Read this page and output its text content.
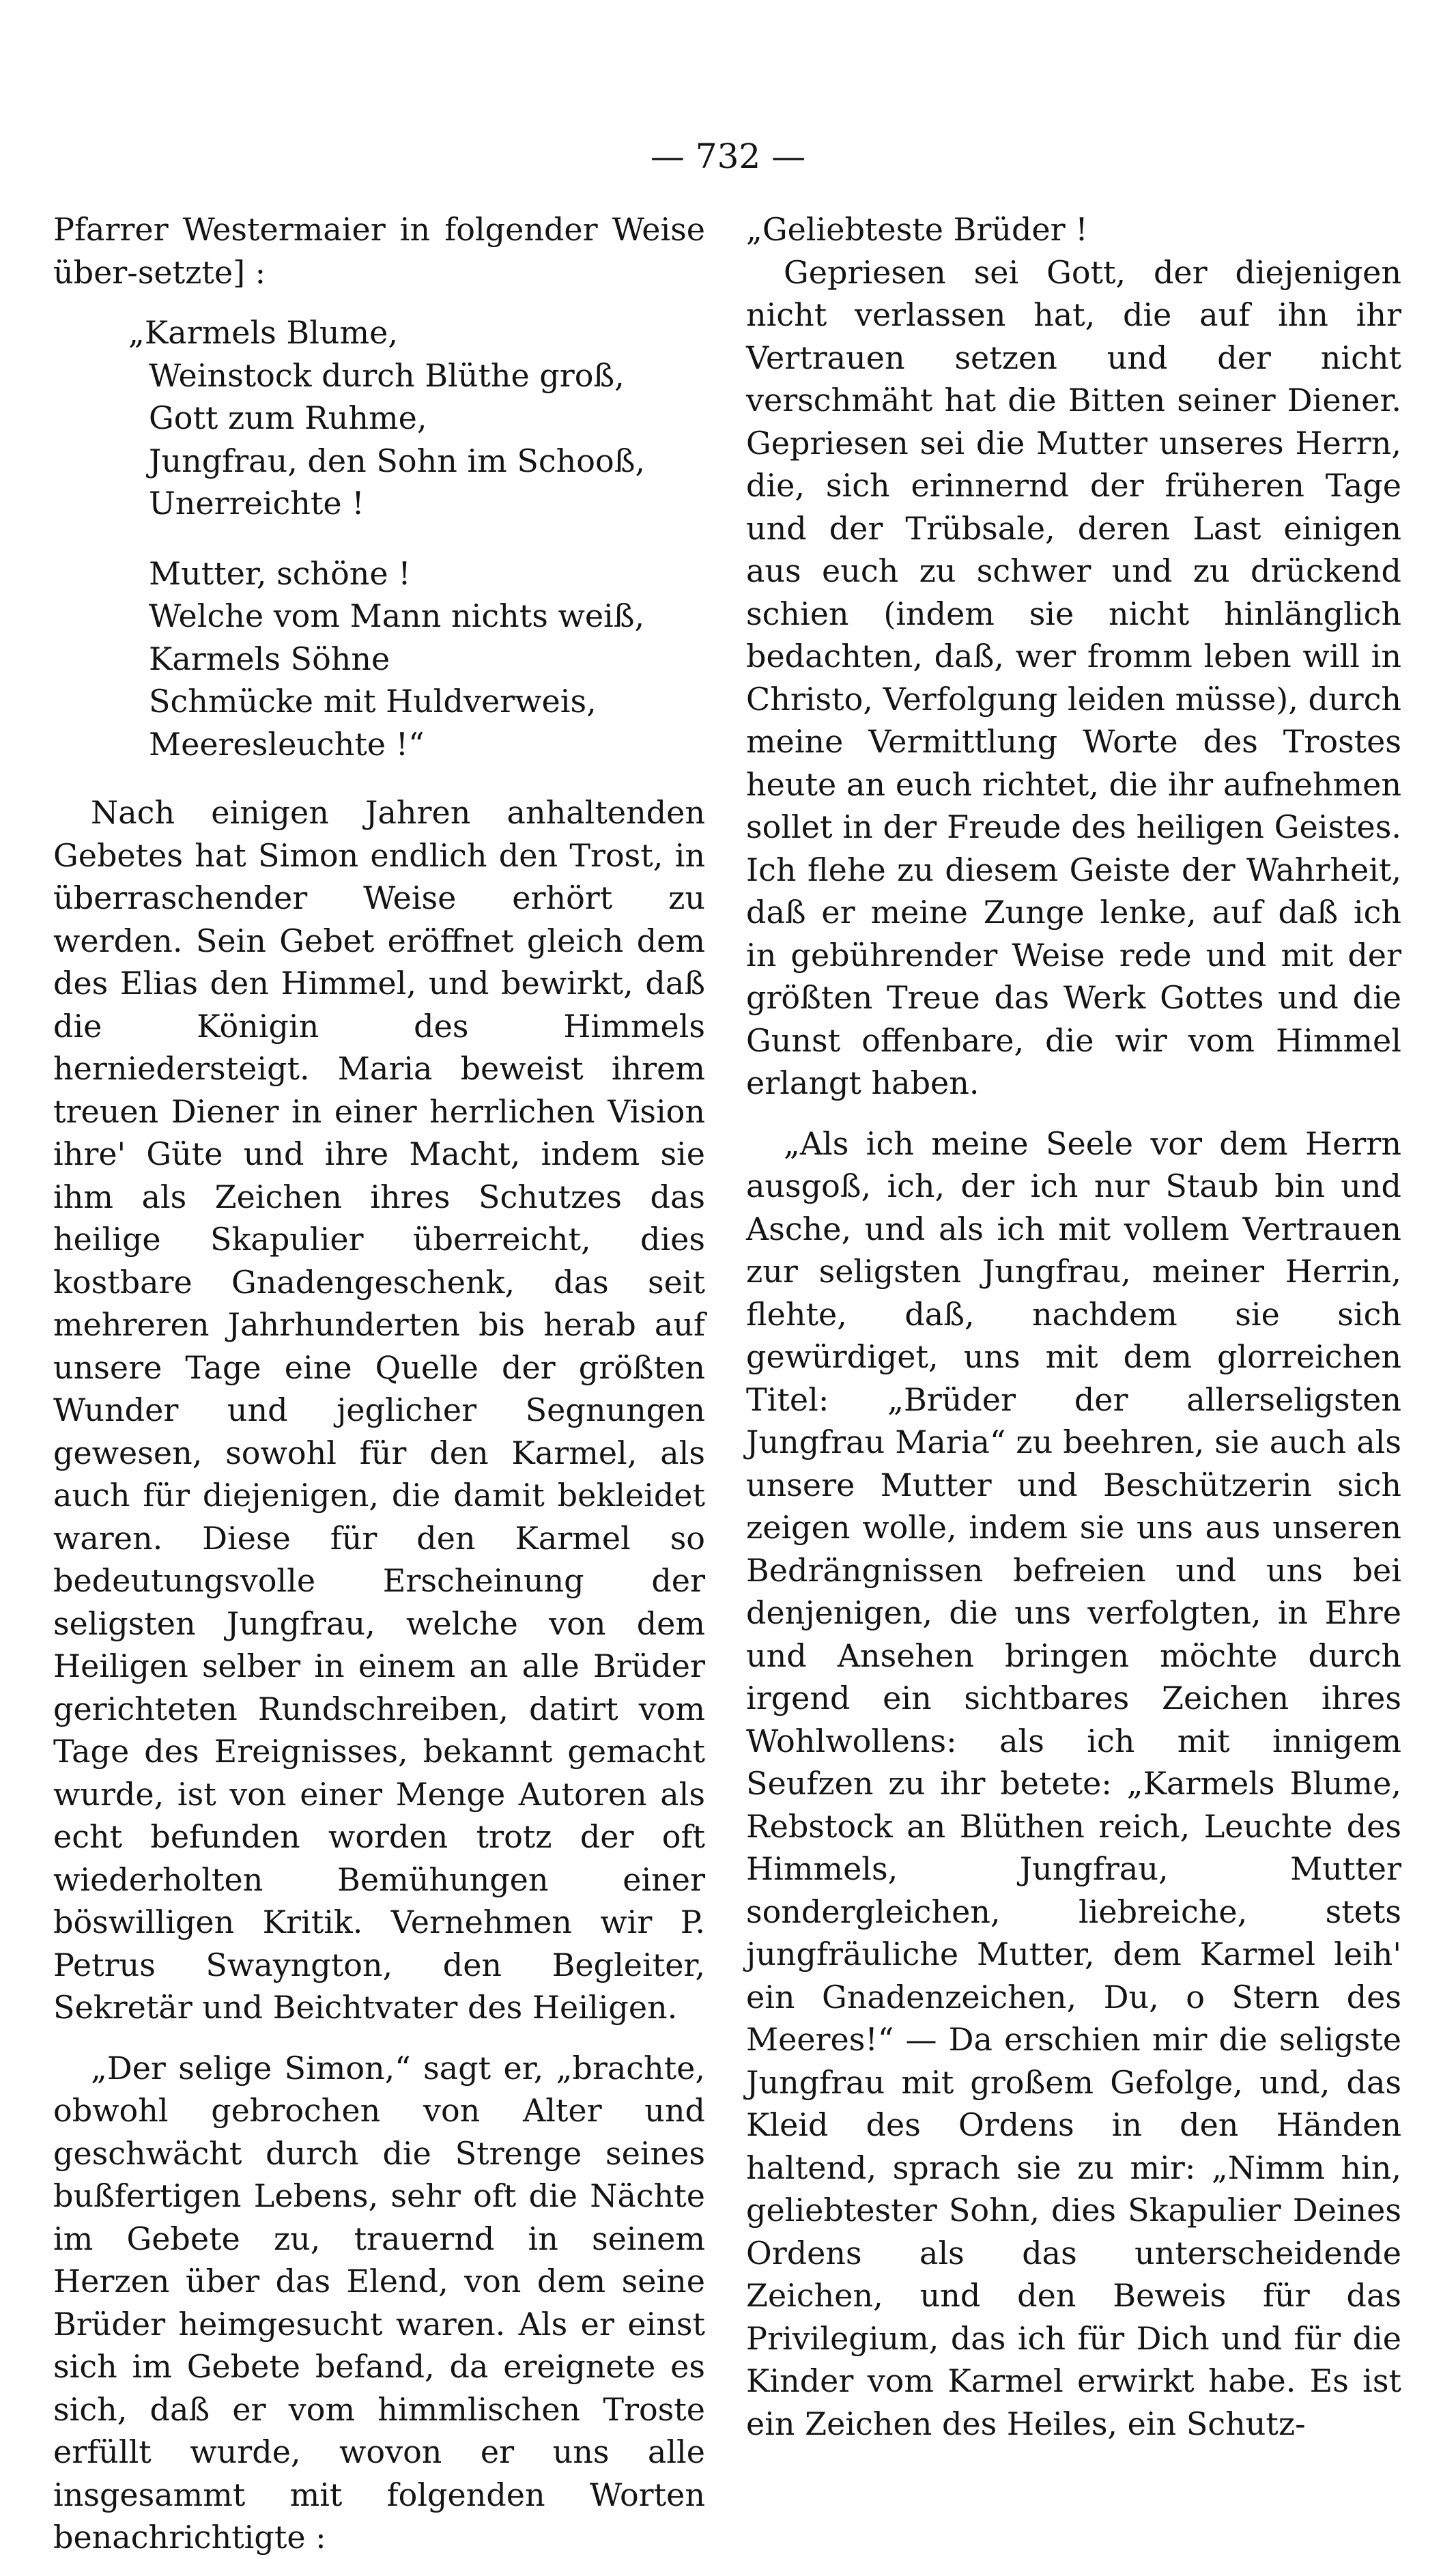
— 732 —

Pfarrer Westermaier in folgender Weise über-setzte] :

„Karmels Blume,
Weinstock durch Blüthe groß,
Gott zum Ruhme,
Jungfrau, den Sohn im Schooß,
Unerreichte !
Mutter, schöne !
Welche vom Mann nichts weiß,
Karmels Söhne
Schmücke mit Huldverweis,
Meeresleuchte !“

Nach einigen Jahren anhaltenden Gebetes hat Simon endlich den Trost, in überraschender Weise erhört zu werden. Sein Gebet eröffnet gleich dem des Elias den Himmel, und bewirkt, daß die Königin des Himmels herniedersteigt. Maria beweist ihrem treuen Diener in einer herrlichen Vision ihre' Güte und ihre Macht, indem sie ihm als Zeichen ihres Schutzes das heilige Skapulier überreicht, dies kostbare Gnadengeschenk, das seit mehreren Jahrhunderten bis herab auf unsere Tage eine Quelle der größten Wunder und jeglicher Segnungen gewesen, sowohl für den Karmel, als auch für diejenigen, die damit bekleidet waren. Diese für den Karmel so bedeutungsvolle Erscheinung der seligsten Jungfrau, welche von dem Heiligen selber in einem an alle Brüder gerichteten Rundschreiben, datirt vom Tage des Ereignisses, bekannt gemacht wurde, ist von einer Menge Autoren als echt befunden worden trotz der oft wiederholten Bemühungen einer böswilligen Kritik. Vernehmen wir P. Petrus Swayngton, den Begleiter, Sekretär und Beichtvater des Heiligen.

„Der selige Simon,“ sagt er, „brachte, obwohl gebrochen von Alter und geschwächt durch die Strenge seines bußfertigen Lebens, sehr oft die Nächte im Gebete zu, trauernd in seinem Herzen über das Elend, von dem seine Brüder heimgesucht waren. Als er einst sich im Gebete befand, da ereignete es sich, daß er vom himmlischen Troste erfüllt wurde, wovon er uns alle insgesammt mit folgenden Worten benachrichtigte :

„Geliebteste Brüder !

Gepriesen sei Gott, der diejenigen nicht verlassen hat, die auf ihn ihr Vertrauen setzen und der nicht verschmäht hat die Bitten seiner Diener. Gepriesen sei die Mutter unseres Herrn, die, sich erinnernd der früheren Tage und der Trübsale, deren Last einigen aus euch zu schwer und zu drückend schien (indem sie nicht hinlänglich bedachten, daß, wer fromm leben will in Christo, Verfolgung leiden müsse), durch meine Vermittlung Worte des Trostes heute an euch richtet, die ihr aufnehmen sollet in der Freude des heiligen Geistes. Ich flehe zu diesem Geiste der Wahrheit, daß er meine Zunge lenke, auf daß ich in gebührender Weise rede und mit der größten Treue das Werk Gottes und die Gunst offenbare, die wir vom Himmel erlangt haben.

„Als ich meine Seele vor dem Herrn ausgoß, ich, der ich nur Staub bin und Asche, und als ich mit vollem Vertrauen zur seligsten Jungfrau, meiner Herrin, flehte, daß, nachdem sie sich gewürdiget, uns mit dem glorreichen Titel: „Brüder der allerseligsten Jungfrau Maria“ zu beehren, sie auch als unsere Mutter und Beschützerin sich zeigen wolle, indem sie uns aus unseren Bedrängnissen befreien und uns bei denjenigen, die uns verfolgten, in Ehre und Ansehen bringen möchte durch irgend ein sichtbares Zeichen ihres Wohlwollens: als ich mit innigem Seufzen zu ihr betete: „Karmels Blume, Rebstock an Blüthen reich, Leuchte des Himmels, Jungfrau, Mutter sondergleichen, liebreiche, stets jungfräuliche Mutter, dem Karmel leih' ein Gnadenzeichen, Du, o Stern des Meeres!“ — Da erschien mir die seligste Jungfrau mit großem Gefolge, und, das Kleid des Ordens in den Händen haltend, sprach sie zu mir: „Nimm hin, geliebtester Sohn, dies Skapulier Deines Ordens als das unterscheidende Zeichen, und den Beweis für das Privilegium, das ich für Dich und für die Kinder vom Karmel erwirkt habe. Es ist ein Zeichen des Heiles, ein Schutz-
